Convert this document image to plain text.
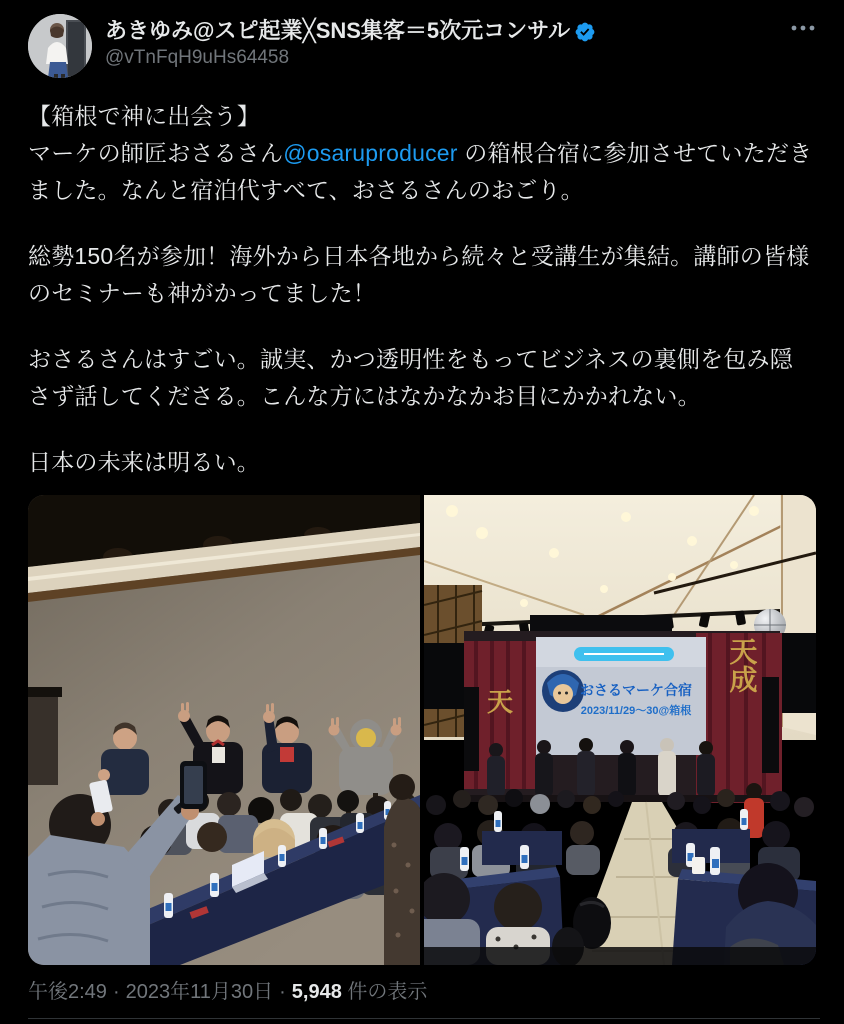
あきゆみ@スピ起業╳SNS集客＝5次元コンサル
@vTnFqH9uHs64458
【箱根で神に出会う】
マーケの師匠おさるさん@osaruproducer の箱根合宿に参加させていただきました。なんと宿泊代すべて、おさるさんのおごり。
総勢150名が参加！海外から日本各地から続々と受講生が集結。講師の皆様のセミナーも神がかってました！
おさるさんはすごい。誠実、かつ透明性をもってビジネスの裏側を包み隠さず話してくださる。こんな方にはなかなかお目にかかれない。
日本の未来は明るい。
天
天成
おさるマーケ合宿
2023/11/29〜30@箱根
午後2:49 · 2023年11月30日 · 5,948 件の表示
